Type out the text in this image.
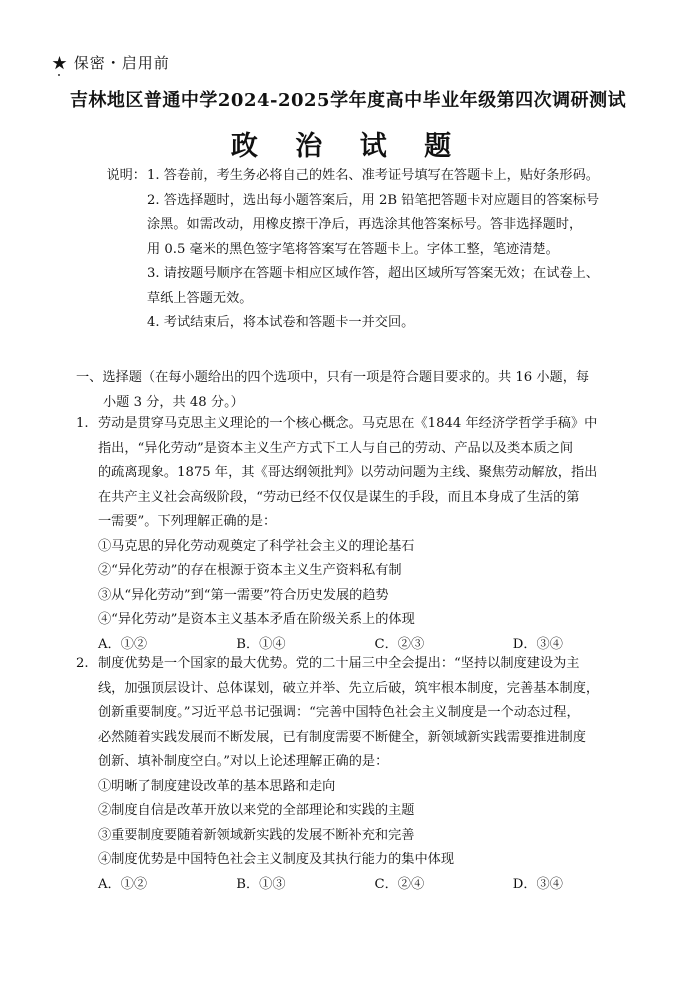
★ 保密・启用前
吉林地区普通中学2024-2025学年度高中毕业年级第四次调研测试
政 治 试 题
说明： 1. 答卷前，考生务必将自己的姓名、准考证号填写在答题卡上，贴好条形码。
2. 答选择题时，选出每小题答案后，用 2B 铅笔把答题卡对应题目的答案标号
涂黑。如需改动，用橡皮擦干净后，再选涂其他答案标号。答非选择题时，
用 0.5 毫米的黑色签字笔将答案写在答题卡上。字体工整，笔迹清楚。
3. 请按题号顺序在答题卡相应区域作答，超出区域所写答案无效；在试卷上、
草纸上答题无效。
4. 考试结束后，将本试卷和答题卡一并交回。
一、选择题（在每小题给出的四个选项中，只有一项是符合题目要求的。共 16 小题，每
小题 3 分，共 48 分。）
1. 劳动是贯穿马克思主义理论的一个核心概念。马克思在《1844 年经济学哲学手稿》中
指出，“异化劳动”是资本主义生产方式下工人与自己的劳动、产品以及类本质之间
的疏离现象。1875 年，其《哥达纲领批判》以劳动问题为主线、聚焦劳动解放，指出
在共产主义社会高级阶段，“劳动已经不仅仅是谋生的手段，而且本身成了生活的第
一需要”。下列理解正确的是：
①马克思的异化劳动观奠定了科学社会主义的理论基石
②“异化劳动”的存在根源于资本主义生产资料私有制
③从“异化劳动”到“第一需要”符合历史发展的趋势
④“异化劳动”是资本主义基本矛盾在阶级关系上的体现
A．①②	B．①④	C．②③	D．③④
2. 制度优势是一个国家的最大优势。党的二十届三中全会提出：“坚持以制度建设为主
线，加强顶层设计、总体谋划，破立并举、先立后破，筑牢根本制度，完善基本制度，
创新重要制度。”习近平总书记强调：“完善中国特色社会主义制度是一个动态过程，
必然随着实践发展而不断发展，已有制度需要不断健全，新领域新实践需要推进制度
创新、填补制度空白。”对以上论述理解正确的是：
①明晰了制度建设改革的基本思路和走向
②制度自信是改革开放以来党的全部理论和实践的主题
③重要制度要随着新领域新实践的发展不断补充和完善
④制度优势是中国特色社会主义制度及其执行能力的集中体现
A．①②	B．①③	C．②④	D．③④
